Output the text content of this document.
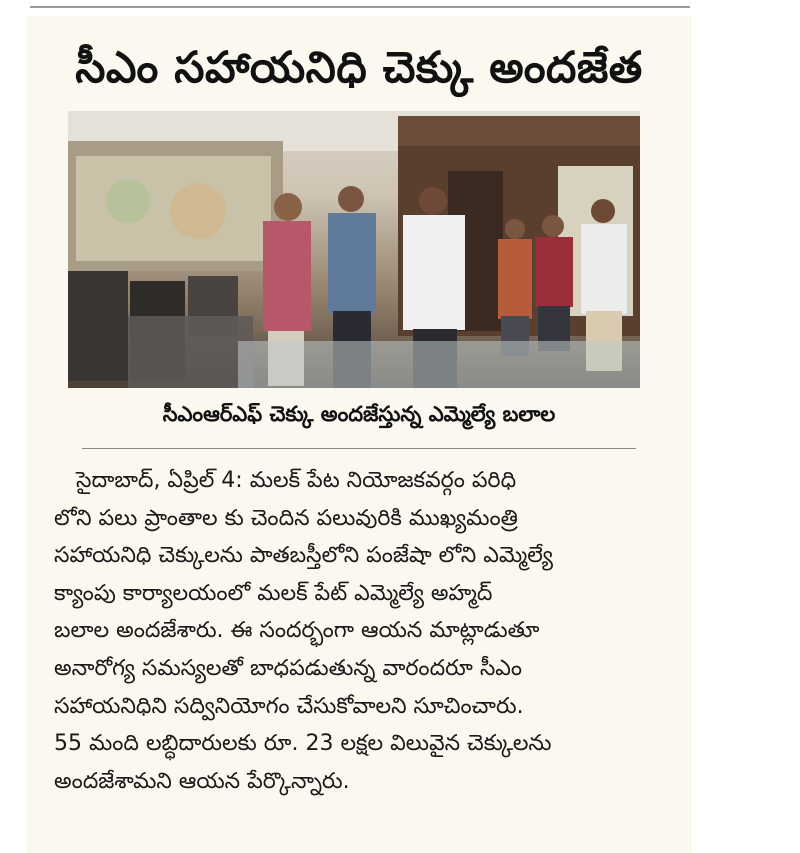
సీఎం సహాయనిధి చెక్కు అందజేత
సీఎంఆర్ఎఫ్ చెక్కు అందజేస్తున్న ఎమ్మెల్యే బలాల
సైదాబాద్, ఏప్రిల్ 4: మలక్ పేట నియోజకవర్గం పరిధి
లోని పలు ప్రాంతాల కు చెందిన పలువురికి ముఖ్యమంత్రి
సహాయనిధి చెక్కులను పాతబస్తీలోని పంజేషా లోని ఎమ్మెల్యే
క్యాంపు కార్యాలయంలో మలక్ పేట్ ఎమ్మెల్యే అహ్మద్
బలాల అందజేశారు. ఈ సందర్భంగా ఆయన మాట్లాడుతూ
అనారోగ్య సమస్యలతో బాధపడుతున్న వారందరూ సీఎం
సహాయనిధిని సద్వినియోగం చేసుకోవాలని సూచించారు.
55 మంది లబ్ధిదారులకు రూ. 23 లక్షల విలువైన చెక్కులను
అందజేశామని ఆయన పేర్కొన్నారు.
